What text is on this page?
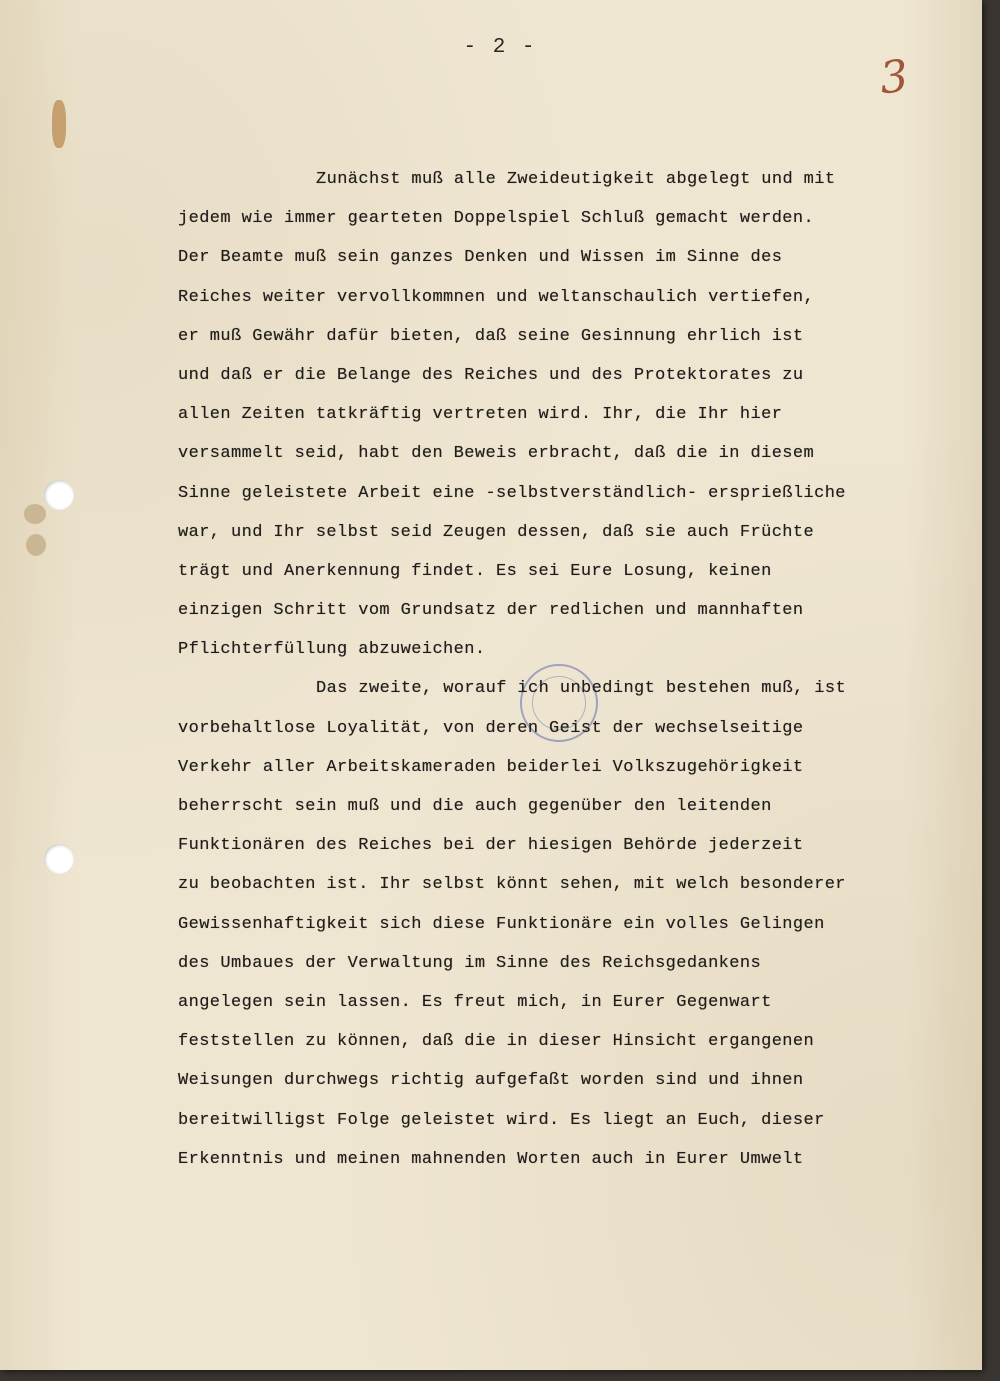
- 2 -
3
Zunächst muß alle Zweideutigkeit abgelegt und mit
jedem wie immer gearteten Doppelspiel Schluß gemacht werden.
Der Beamte muß sein ganzes Denken und Wissen im Sinne des
Reiches weiter vervollkommnen und weltanschaulich vertiefen,
er muß Gewähr dafür bieten, daß seine Gesinnung ehrlich ist
und daß er die Belange des Reiches und des Protektorates zu
allen Zeiten tatkräftig vertreten wird. Ihr, die Ihr hier
versammelt seid, habt den Beweis erbracht, daß die in diesem
Sinne geleistete Arbeit eine -selbstverständlich- ersprießliche
war, und Ihr selbst seid Zeugen dessen, daß sie auch Früchte
trägt und Anerkennung findet. Es sei Eure Losung, keinen
einzigen Schritt vom Grundsatz der redlichen und mannhaften
Pflichterfüllung abzuweichen.
Das zweite, worauf ich unbedingt bestehen muß, ist
vorbehaltlose Loyalität, von deren Geist der wechselseitige
Verkehr aller Arbeitskameraden beiderlei Volkszugehörigkeit
beherrscht sein muß und die auch gegenüber den leitenden
Funktionären des Reiches bei der hiesigen Behörde jederzeit
zu beobachten ist. Ihr selbst könnt sehen, mit welch besonderer
Gewissenhaftigkeit sich diese Funktionäre ein volles Gelingen
des Umbaues der Verwaltung im Sinne des Reichsgedankens
angelegen sein lassen. Es freut mich, in Eurer Gegenwart
feststellen zu können, daß die in dieser Hinsicht ergangenen
Weisungen durchwegs richtig aufgefaßt worden sind und ihnen
bereitwilligst Folge geleistet wird. Es liegt an Euch, dieser
Erkenntnis und meinen mahnenden Worten auch in Eurer Umwelt
